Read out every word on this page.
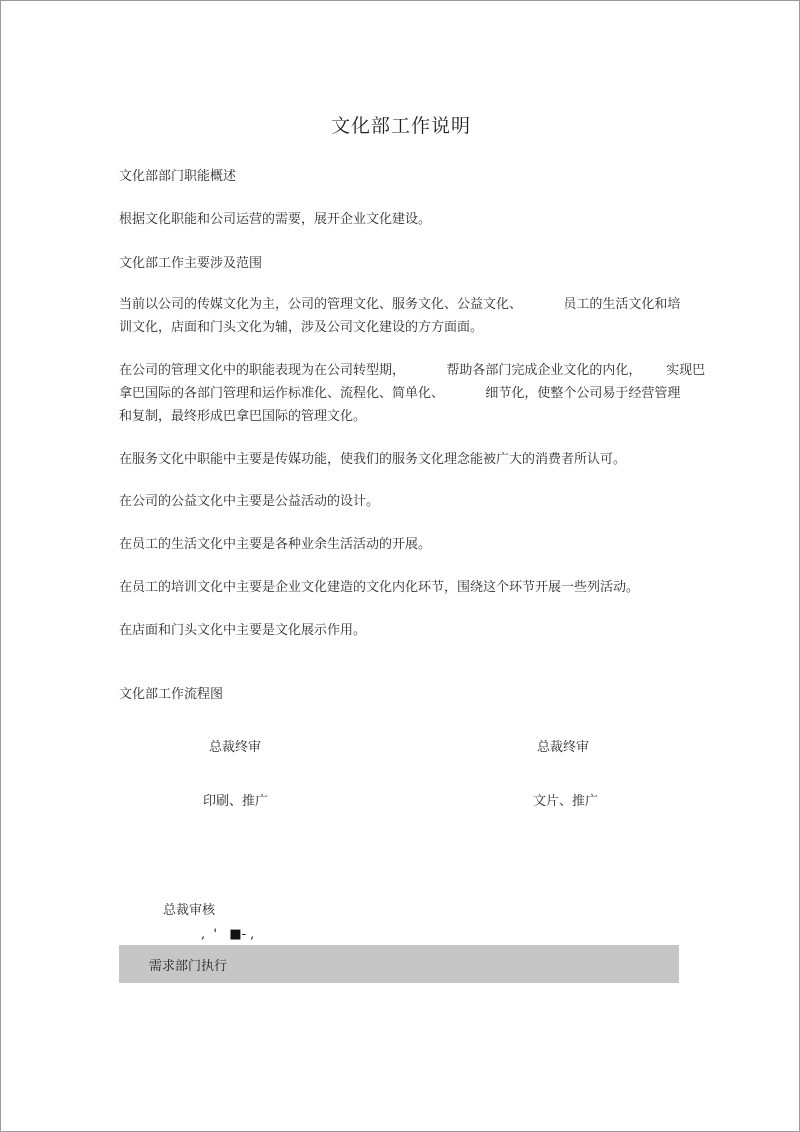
文化部工作说明
文化部部门职能概述
根据文化职能和公司运营的需要，展开企业文化建设。
文化部工作主要涉及范围
当前以公司的传媒文化为主，公司的管理文化、服务文化、公益文化、          员工的生活文化和培
训文化，店面和门头文化为辅，涉及公司文化建设的方方面面。
在公司的管理文化中的职能表现为在公司转型期，          帮助各部门完成企业文化的内化，      实现巴
拿巴国际的各部门管理和运作标准化、流程化、简单化、          细节化，使整个公司易于经营管理
和复制，最终形成巴拿巴国际的管理文化。
在服务文化中职能中主要是传媒功能，使我们的服务文化理念能被广大的消费者所认可。
在公司的公益文化中主要是公益活动的设计。
在员工的生活文化中主要是各种业余生活活动的开展。
在员工的培训文化中主要是企业文化建造的文化内化环节，围绕这个环节开展一些列活动。
在店面和门头文化中主要是文化展示作用。
文化部工作流程图
总裁终审	总裁终审
印刷、推广	文片、推广
总裁审核
,  '   ■- ,
需求部门执行
